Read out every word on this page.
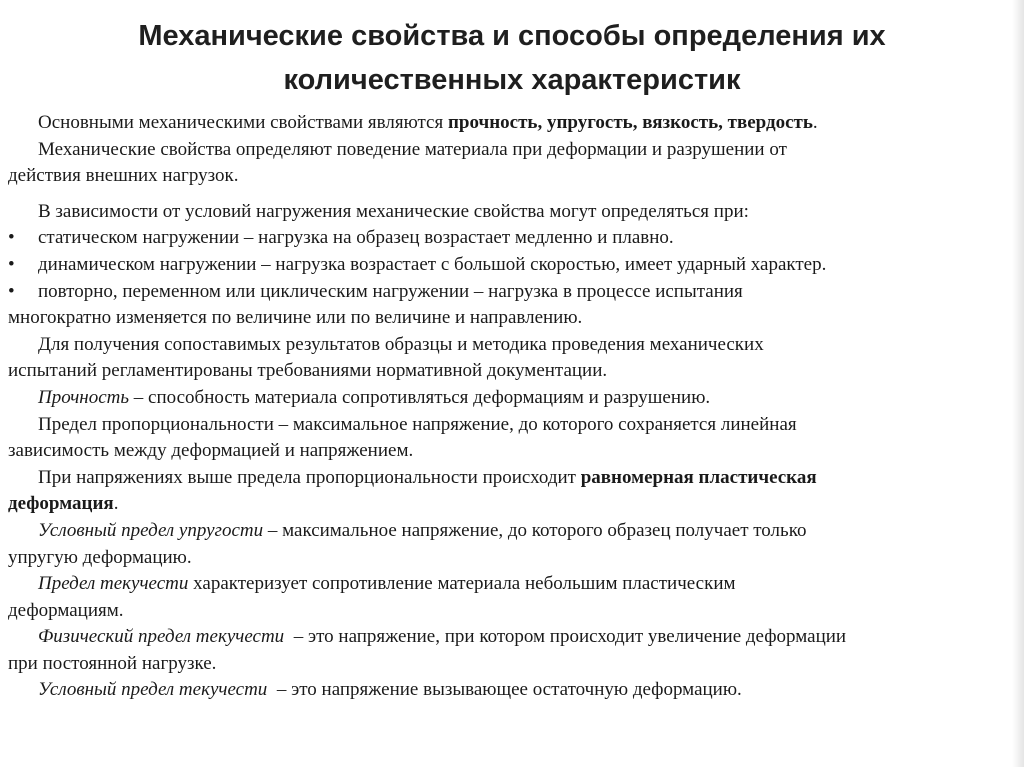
Механические свойства и способы определения их
количественных характеристик

Основными механическими свойствами являются прочность, упругость, вязкость, твердость.

Механические свойства определяют поведение материала при деформации и разрушении от

действия внешних нагрузок.

В зависимости от условий нагружения механические свойства могут определяться при:

• статическом нагружении – нагрузка на образец возрастает медленно и плавно.

• динамическом нагружении – нагрузка возрастает с большой скоростью, имеет ударный характер.

• повторно, переменном или циклическим нагружении – нагрузка в процессе испытания

многократно изменяется по величине или по величине и направлению.

Для получения сопоставимых результатов образцы и методика проведения механических

испытаний регламентированы требованиями нормативной документации.

Прочность – способность материала сопротивляться деформациям и разрушению.

Предел пропорциональности – максимальное напряжение, до которого сохраняется линейная

зависимость между деформацией и напряжением.

При напряжениях выше предела пропорциональности происходит равномерная пластическая

деформация.

Условный предел упругости – максимальное напряжение, до которого образец получает только

упругую деформацию.

Предел текучести характеризует сопротивление материала небольшим пластическим

деформациям.

Физический предел текучести  – это напряжение, при котором происходит увеличение деформации

при постоянной нагрузке.

Условный предел текучести  – это напряжение вызывающее остаточную деформацию.
